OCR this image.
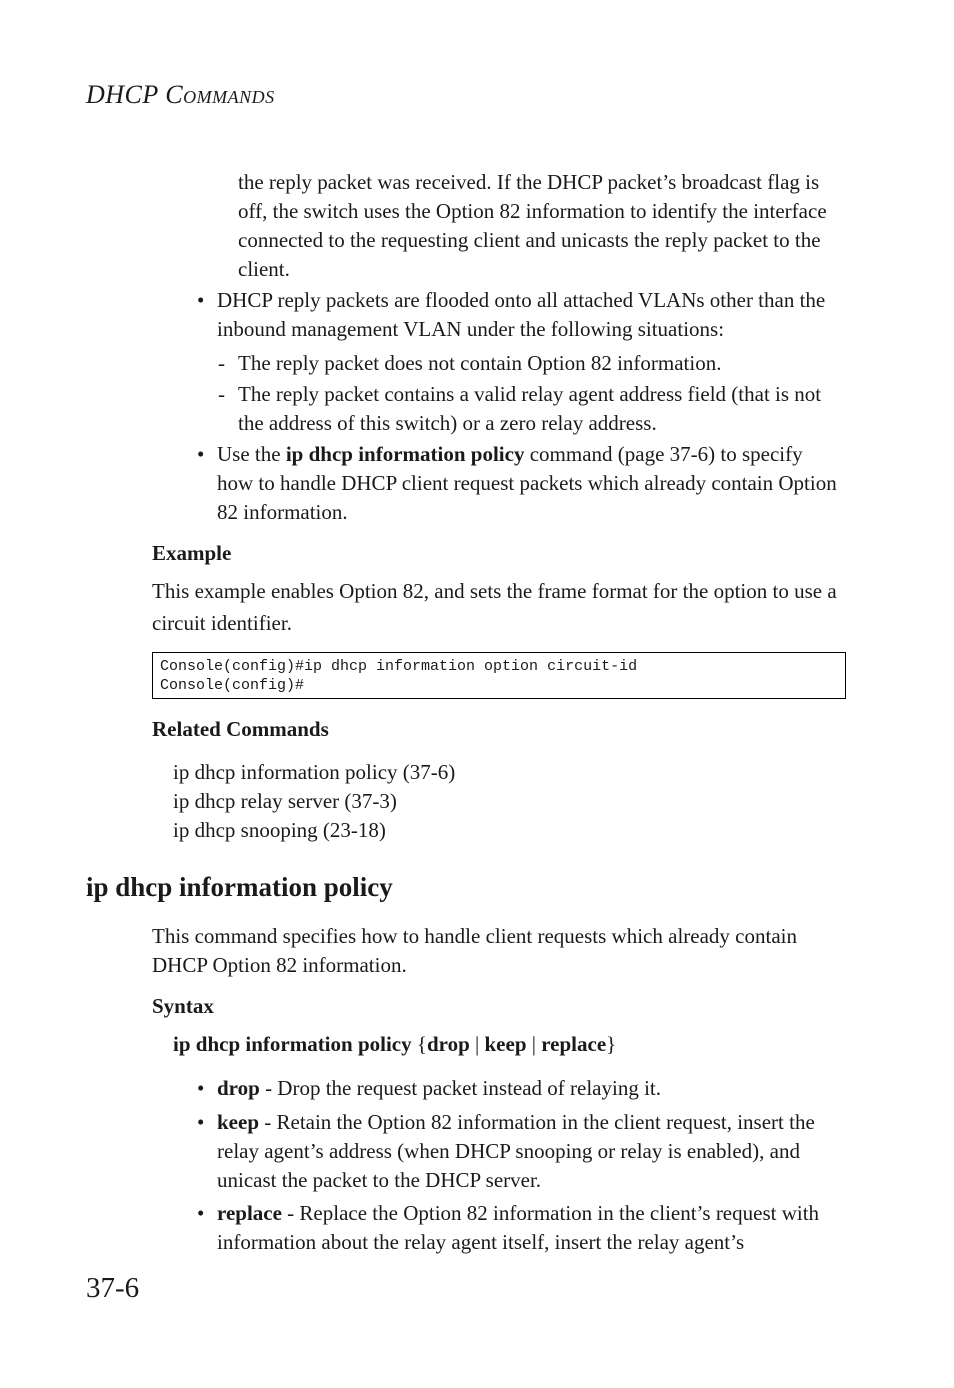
DHCP COMMANDS
the reply packet was received. If the DHCP packet’s broadcast flag is off, the switch uses the Option 82 information to identify the interface connected to the requesting client and unicasts the reply packet to the client.
• DHCP reply packets are flooded onto all attached VLANs other than the inbound management VLAN under the following situations:
- The reply packet does not contain Option 82 information.
- The reply packet contains a valid relay agent address field (that is not the address of this switch) or a zero relay address.
• Use the ip dhcp information policy command (page 37-6) to specify how to handle DHCP client request packets which already contain Option 82 information.
Example
This example enables Option 82, and sets the frame format for the option to use a circuit identifier.
Console(config)#ip dhcp information option circuit-id
Console(config)#
Related Commands
ip dhcp information policy (37-6)
ip dhcp relay server (37-3)
ip dhcp snooping (23-18)
ip dhcp information policy
This command specifies how to handle client requests which already contain DHCP Option 82 information.
Syntax
ip dhcp information policy {drop | keep | replace}
• drop - Drop the request packet instead of relaying it.
• keep - Retain the Option 82 information in the client request, insert the relay agent’s address (when DHCP snooping or relay is enabled), and unicast the packet to the DHCP server.
• replace - Replace the Option 82 information in the client’s request with information about the relay agent itself, insert the relay agent’s
37-6
